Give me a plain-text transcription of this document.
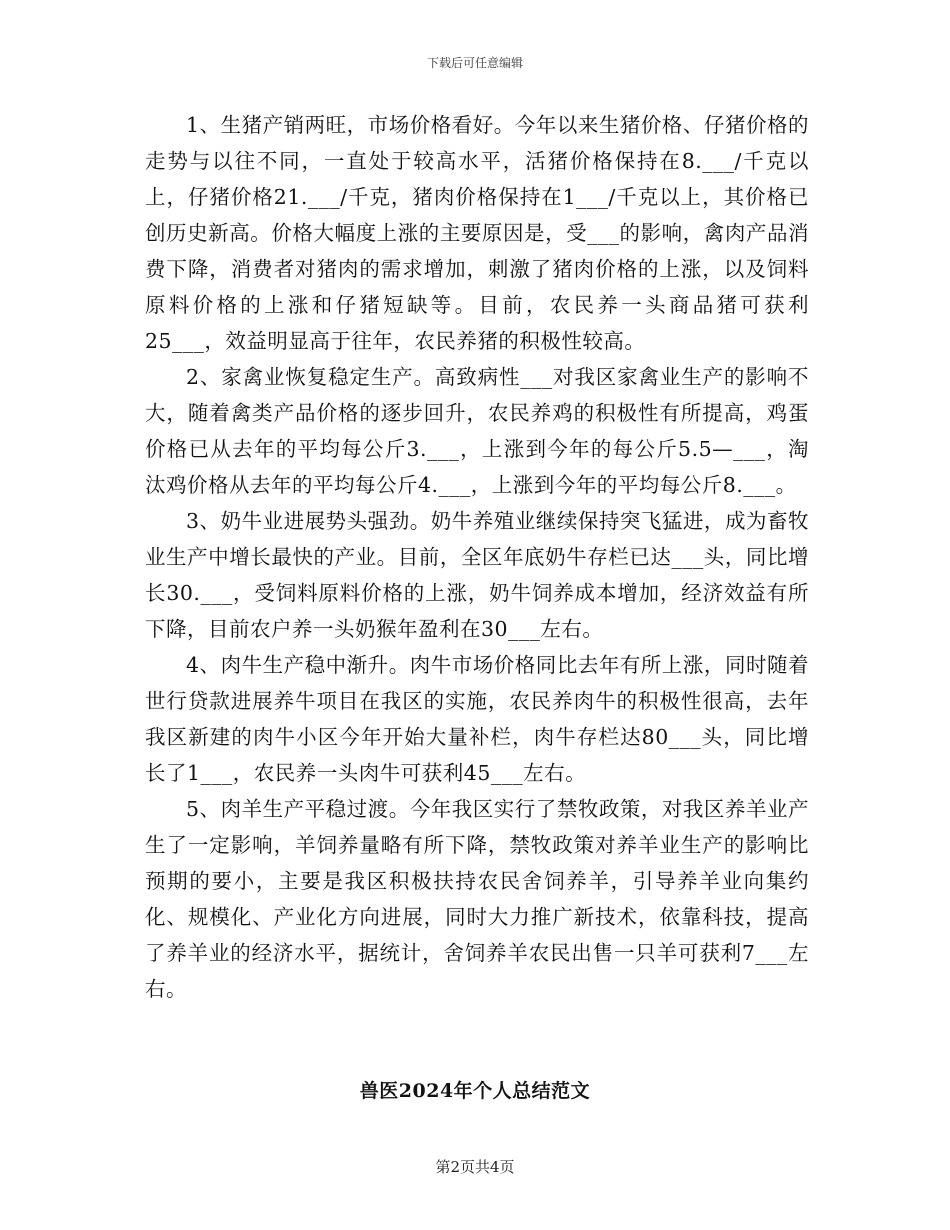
下载后可任意编辑

1、生猪产销两旺，市场价格看好。今年以来生猪价格、仔猪价格的走势与以往不同，一直处于较高水平，活猪价格保持在8.___/千克以上，仔猪价格21.___/千克，猪肉价格保持在1___/千克以上，其价格已创历史新高。价格大幅度上涨的主要原因是，受___的影响，禽肉产品消费下降，消费者对猪肉的需求增加，刺激了猪肉价格的上涨，以及饲料原料价格的上涨和仔猪短缺等。目前，农民养一头商品猪可获利25___，效益明显高于往年，农民养猪的积极性较高。

2、家禽业恢复稳定生产。高致病性___对我区家禽业生产的影响不大，随着禽类产品价格的逐步回升，农民养鸡的积极性有所提高，鸡蛋价格已从去年的平均每公斤3.___，上涨到今年的每公斤5.5—___，淘汰鸡价格从去年的平均每公斤4.___，上涨到今年的平均每公斤8.___。

3、奶牛业进展势头强劲。奶牛养殖业继续保持突飞猛进，成为畜牧业生产中增长最快的产业。目前，全区年底奶牛存栏已达___头，同比增长30.___，受饲料原料价格的上涨，奶牛饲养成本增加，经济效益有所下降，目前农户养一头奶猴年盈利在30___左右。

4、肉牛生产稳中渐升。肉牛市场价格同比去年有所上涨，同时随着世行贷款进展养牛项目在我区的实施，农民养肉牛的积极性很高，去年我区新建的肉牛小区今年开始大量补栏，肉牛存栏达80___头，同比增长了1___，农民养一头肉牛可获利45___左右。

5、肉羊生产平稳过渡。今年我区实行了禁牧政策，对我区养羊业产生了一定影响，羊饲养量略有所下降，禁牧政策对养羊业生产的影响比预期的要小，主要是我区积极扶持农民舍饲养羊，引导养羊业向集约化、规模化、产业化方向进展，同时大力推广新技术，依靠科技，提高了养羊业的经济水平，据统计，舍饲养羊农民出售一只羊可获利7___左右。

兽医2024年个人总结范文
第2页共4页
